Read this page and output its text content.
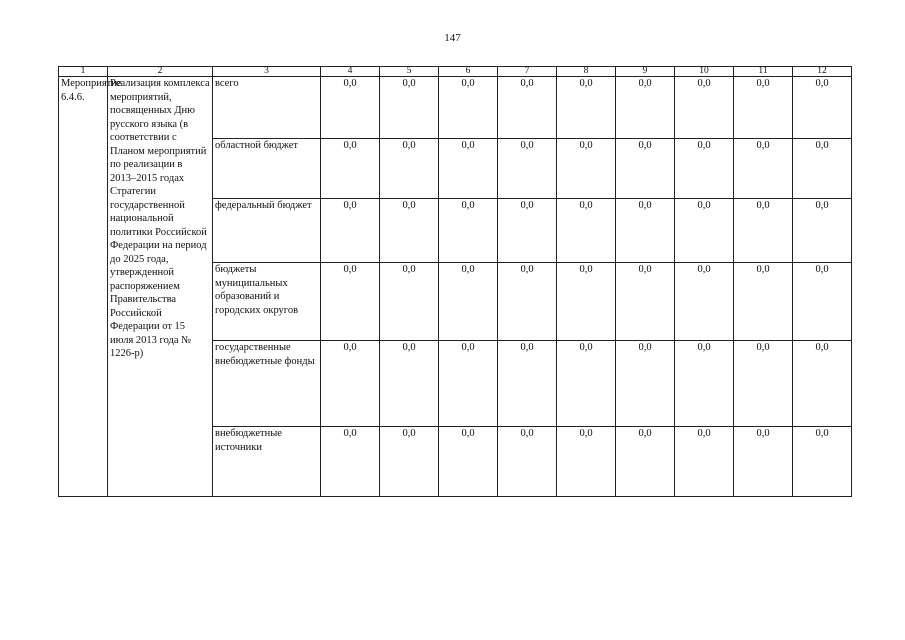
147
1	2	3	4	5	6	7	8	9	10	11	12
Мероприятие 6.4.6.	Реализация комплекса мероприятий, посвященных Дню русского языка (в соответствии с Планом мероприятий по реализации в 2013–2015 годах Стратегии государственной национальной политики Российской Федерации на период до 2025 года, утвержденной распоряжением Правительства Российской Федерации от 15 июля 2013 года № 1226-р)	всего	0,0	0,0	0,0	0,0	0,0	0,0	0,0	0,0	0,0
		областной бюджет	0,0	0,0	0,0	0,0	0,0	0,0	0,0	0,0	0,0
		федеральный бюджет	0,0	0,0	0,0	0,0	0,0	0,0	0,0	0,0	0,0
		бюджеты муниципальных образований и городских округов	0,0	0,0	0,0	0,0	0,0	0,0	0,0	0,0	0,0
		государственные внебюджетные фонды	0,0	0,0	0,0	0,0	0,0	0,0	0,0	0,0	0,0
		внебюджетные источники	0,0	0,0	0,0	0,0	0,0	0,0	0,0	0,0	0,0
